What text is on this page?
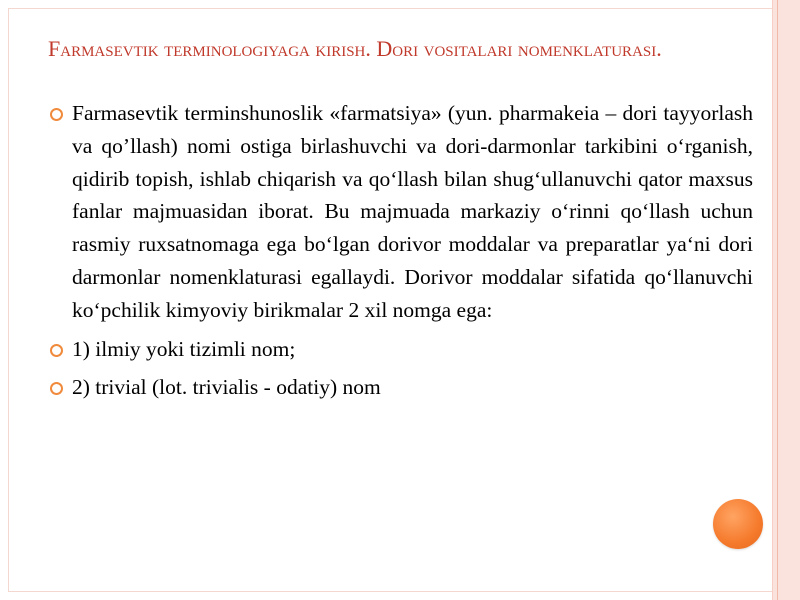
Farmasevtik terminologiyaga kirish. Dori vositalari nomenklaturasi.

Farmasevtik terminshunoslik «farmatsiya» (yun. pharmakeia – dori tayyorlash va qo’llash) nomi ostiga birlashuvchi va dori-darmonlar tarkibini o‘rganish, qidirib topish, ishlab chiqarish va qo‘llash bilan shug‘ullanuvchi qator maxsus fanlar majmuasidan iborat. Bu majmuada markaziy o‘rinni qo‘llash uchun rasmiy ruxsatnomaga ega bo‘lgan dorivor moddalar va preparatlar ya‘ni dori darmonlar nomenklaturasi egallaydi. Dorivor moddalar sifatida qo‘llanuvchi ko‘pchilik kimyoviy birikmalar 2 xil nomga ega:

1) ilmiy yoki tizimli nom;

2) trivial (lot. trivialis - odatiy) nom
